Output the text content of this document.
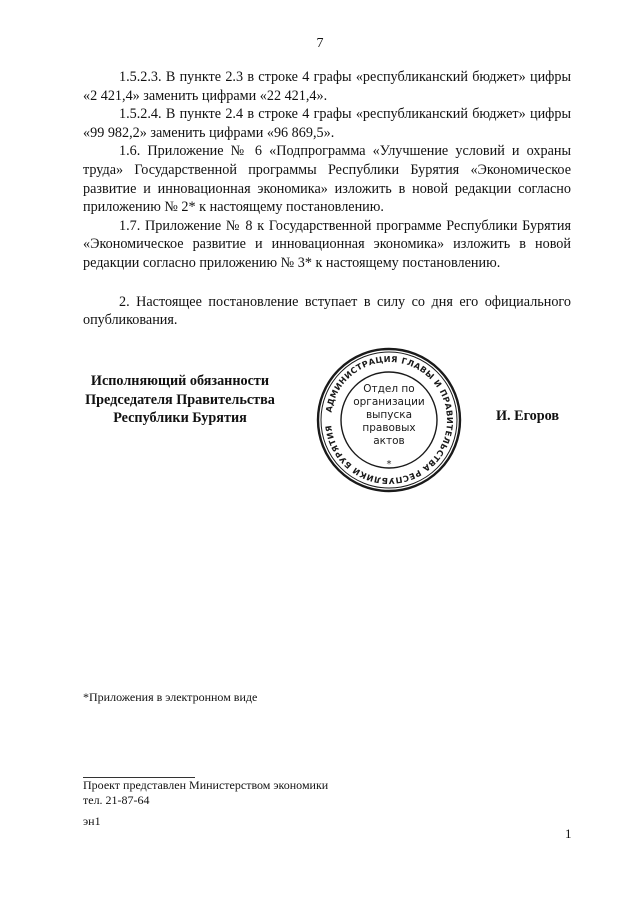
7

1.5.2.3. В пункте 2.3 в строке 4 графы «республиканский бюджет» цифры «2 421,4» заменить цифрами «22 421,4».

1.5.2.4. В пункте 2.4 в строке 4 графы «республиканский бюджет» цифры «99 982,2» заменить цифрами «96 869,5».

1.6. Приложение № 6 «Подпрограмма «Улучшение условий и охраны труда» Государственной программы Республики Бурятия «Экономическое развитие и инновационная экономика» изложить в новой редакции согласно приложению № 2* к настоящему постановлению.

1.7. Приложение № 8 к Государственной программе Республики Бурятия «Экономическое развитие и инновационная экономика» изложить в новой редакции согласно приложению № 3* к настоящему постановлению.

2. Настоящее постановление вступает в силу со дня его официального опубликования.

Исполняющий обязанности
Председателя Правительства
Республики Бурятия
АДМИНИСТРАЦИЯ ГЛАВЫ И ПРАВИТЕЛЬСТВА РЕСПУБЛИКИ БУРЯТИЯ
*
Отдел по
организации
выпуска
правовых
актов
И. Егоров
*Приложения в электронном виде
Проект представлен Министерством экономики
тел. 21-87-64
эн1
1
